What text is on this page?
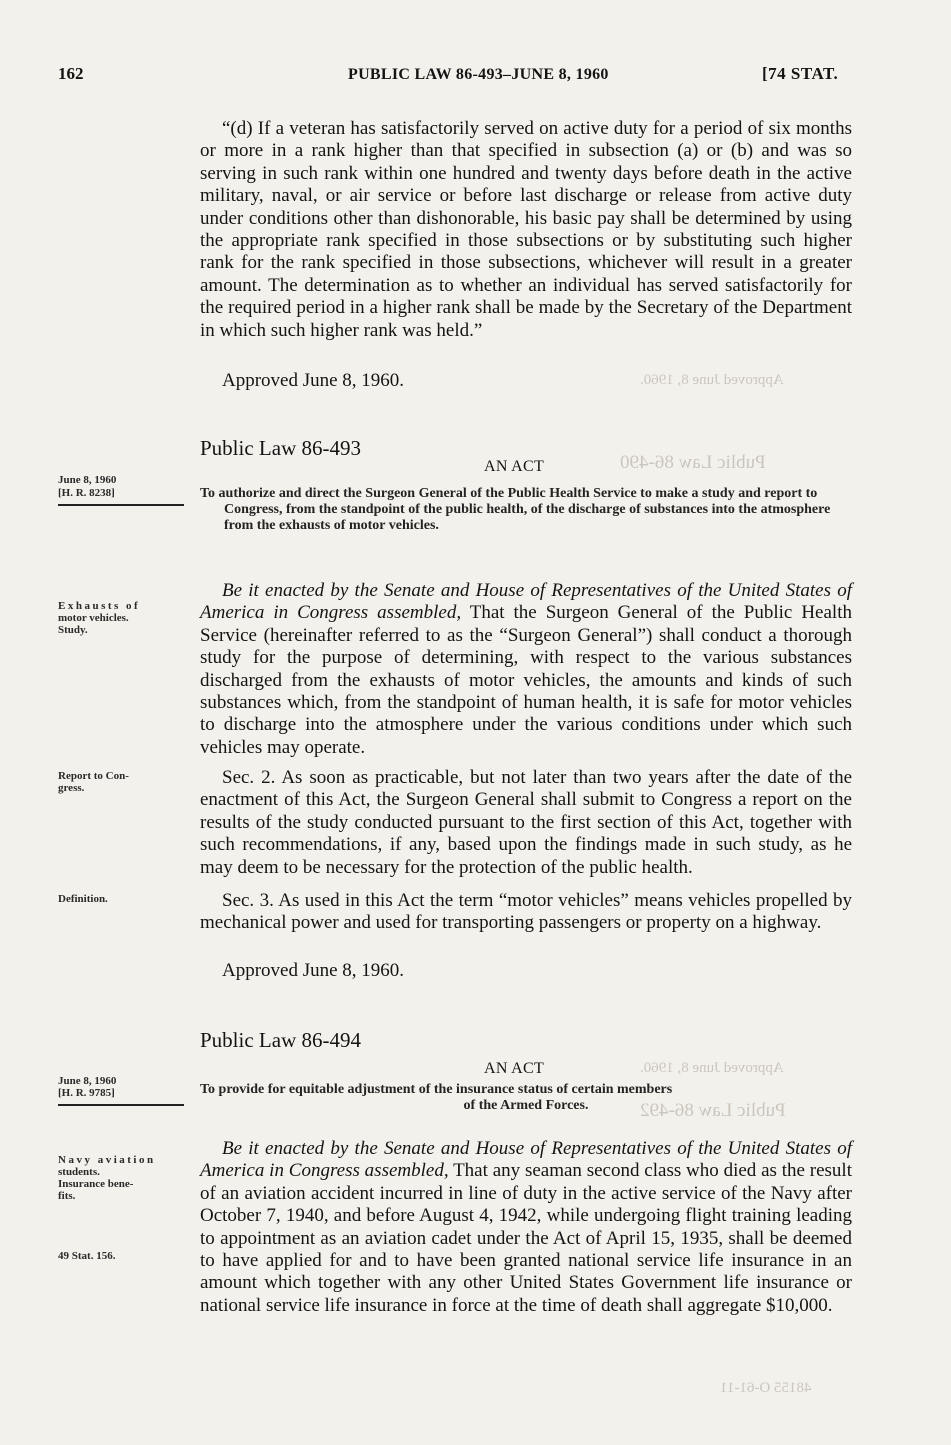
Public Law 86-490
Approved June 8, 1960.
Approved June 8, 1960.
Public Law 86-492
48155 O-61-11
162	PUBLIC LAW 86-493–JUNE 8, 1960	[74 STAT.

“(d) If a veteran has satisfactorily served on active duty for a period of six months or more in a rank higher than that specified in subsection (a) or (b) and was so serving in such rank within one hundred and twenty days before death in the active military, naval, or air service or before last discharge or release from active duty under conditions other than dishonorable, his basic pay shall be determined by using the appropriate rank specified in those subsections or by substituting such higher rank for the rank specified in those subsections, whichever will result in a greater amount. The determination as to whether an individual has served satisfactorily for the required period in a higher rank shall be made by the Secretary of the Department in which such higher rank was held.”

Approved June 8, 1960.
Public Law 86-493
AN ACT
June 8, 1960
[H. R. 8238]	To authorize and direct the Surgeon General of the Public Health Service to make a study and report to Congress, from the standpoint of the public health, of the discharge of substances into the atmosphere from the exhausts of motor vehicles.

Exhausts of
motor vehicles.
Study.

Be it enacted by the Senate and House of Representatives of the United States of America in Congress assembled, That the Surgeon General of the Public Health Service (hereinafter referred to as the “Surgeon General”) shall conduct a thorough study for the purpose of determining, with respect to the various substances discharged from the exhausts of motor vehicles, the amounts and kinds of such substances which, from the standpoint of human health, it is safe for motor vehicles to discharge into the atmosphere under the various conditions under which such vehicles may operate.

Report to Con-
gress.	Sec. 2. As soon as practicable, but not later than two years after the date of the enactment of this Act, the Surgeon General shall submit to Congress a report on the results of the study conducted pursuant to the first section of this Act, together with such recommendations, if any, based upon the findings made in such study, as he may deem to be necessary for the protection of the public health.

Definition.	Sec. 3. As used in this Act the term “motor vehicles” means vehicles propelled by mechanical power and used for transporting passengers or property on a highway.

Approved June 8, 1960.
Public Law 86-494
AN ACT
June 8, 1960
[H. R. 9785]	To provide for equitable adjustment of the insurance status of certain members
of the Armed Forces.
Navy aviation
students.
Insurance bene-
fits.
49 Stat. 156.

Be it enacted by the Senate and House of Representatives of the United States of America in Congress assembled, That any seaman second class who died as the result of an aviation accident incurred in line of duty in the active service of the Navy after October 7, 1940, and before August 4, 1942, while undergoing flight training leading to appointment as an aviation cadet under the Act of April 15, 1935, shall be deemed to have applied for and to have been granted national service life insurance in an amount which together with any other United States Government life insurance or national service life insurance in force at the time of death shall aggregate $10,000.
